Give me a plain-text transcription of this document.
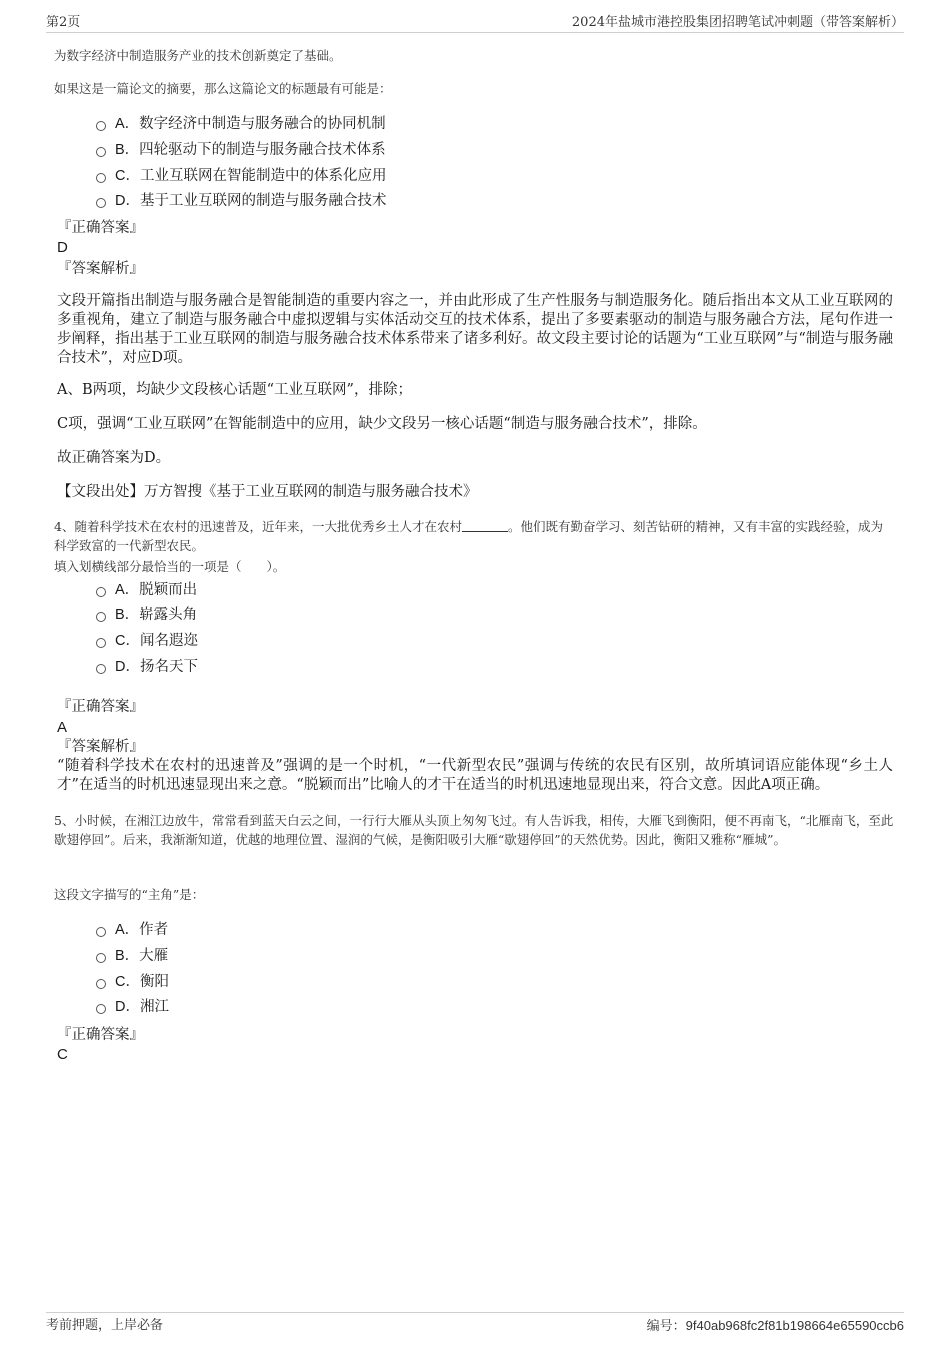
第2页	2024年盐城市港控股集团招聘笔试冲刺题（带答案解析）
为数字经济中制造服务产业的技术创新奠定了基础。
如果这是一篇论文的摘要，那么这篇论文的标题最有可能是：
A．数字经济中制造与服务融合的协同机制
B．四轮驱动下的制造与服务融合技术体系
C．工业互联网在智能制造中的体系化应用
D．基于工业互联网的制造与服务融合技术
『正确答案』
D
『答案解析』
文段开篇指出制造与服务融合是智能制造的重要内容之一，并由此形成了生产性服务与制造服务化。随后指出本文从工业互联网的多重视角，建立了制造与服务融合中虚拟逻辑与实体活动交互的技术体系，提出了多要素驱动的制造与服务融合方法，尾句作进一步阐释，指出基于工业互联网的制造与服务融合技术体系带来了诸多利好。故文段主要讨论的话题为“工业互联网”与“制造与服务融合技术”，对应D项。
A、B两项，均缺少文段核心话题“工业互联网”，排除；
C项，强调“工业互联网”在智能制造中的应用，缺少文段另一核心话题“制造与服务融合技术”，排除。
故正确答案为D。
【文段出处】万方智搜《基于工业互联网的制造与服务融合技术》
4、随着科学技术在农村的迅速普及，近年来，一大批优秀乡土人才在农村	。他们既有勤奋学习、刻苦钻研的精神，又有丰富的实践经验，成为科学致富的一代新型农民。
填入划横线部分最恰当的一项是（　　）。
A．脱颖而出
B．崭露头角
C．闻名遐迩
D．扬名天下
『正确答案』
A
『答案解析』
“随着科学技术在农村的迅速普及”强调的是一个时机，“一代新型农民”强调与传统的农民有区别，故所填词语应能体现“乡土人才”在适当的时机迅速显现出来之意。“脱颖而出”比喻人的才干在适当的时机迅速地显现出来，符合文意。因此A项正确。
5、小时候，在湘江边放牛，常常看到蓝天白云之间，一行行大雁从头顶上匆匆飞过。有人告诉我，相传，大雁飞到衡阳，便不再南飞，“北雁南飞，至此歇翅停回”。后来，我渐渐知道，优越的地理位置、湿润的气候，是衡阳吸引大雁“歇翅停回”的天然优势。因此，衡阳又雅称“雁城”。
这段文字描写的“主角”是：
A．作者
B．大雁
C．衡阳
D．湘江
『正确答案』
C
考前押题，上岸必备	编号：9f40ab968fc2f81b198664e65590ccb6
